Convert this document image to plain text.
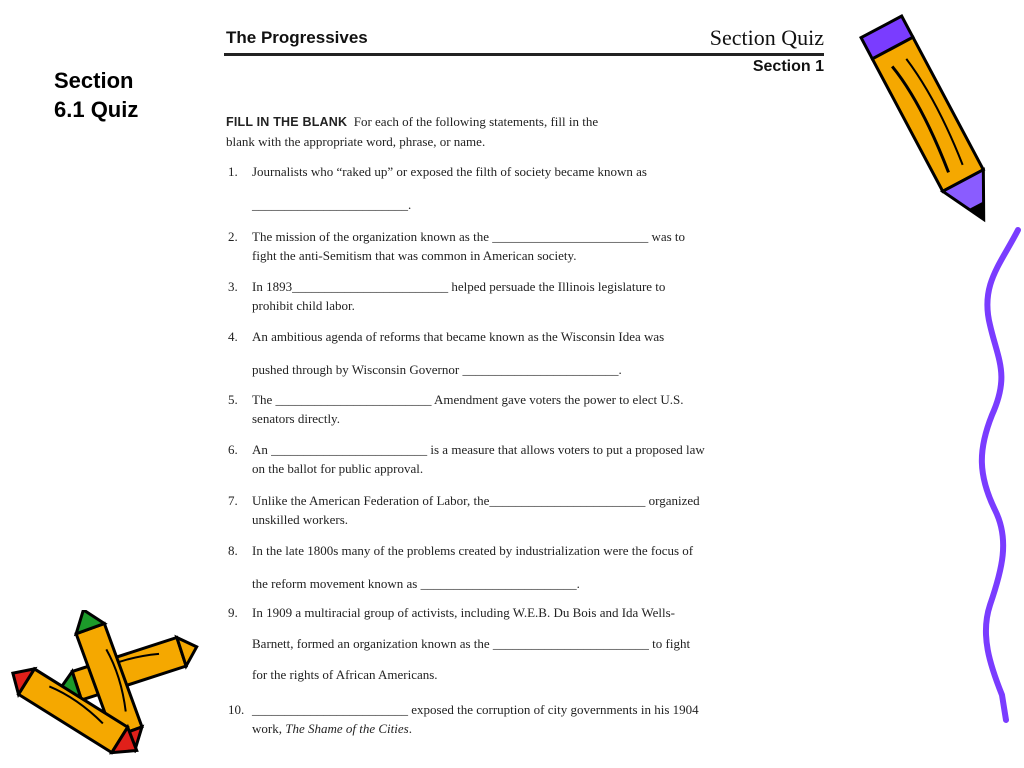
Section
6.1 Quiz
The Progressives	Section Quiz
Section 1
FILL IN THE BLANK For each of the following statements, fill in the
blank with the appropriate word, phrase, or name.
1. Journalists who “raked up” or exposed the filth of society became known as
________________________.
2. The mission of the organization known as the ________________________ was to
fight the anti-Semitism that was common in American society.
3. In 1893________________________ helped persuade the Illinois legislature to
prohibit child labor.
4. An ambitious agenda of reforms that became known as the Wisconsin Idea was
pushed through by Wisconsin Governor ________________________.
5. The ________________________ Amendment gave voters the power to elect U.S.
senators directly.
6. An ________________________ is a measure that allows voters to put a proposed law
on the ballot for public approval.
7. Unlike the American Federation of Labor, the________________________ organized
unskilled workers.
8. In the late 1800s many of the problems created by industrialization were the focus of
the reform movement known as ________________________.
9. In 1909 a multiracial group of activists, including W.E.B. Du Bois and Ida Wells-
Barnett, formed an organization known as the ________________________ to fight
for the rights of African Americans.
10. ________________________ exposed the corruption of city governments in his 1904
work, The Shame of the Cities.
